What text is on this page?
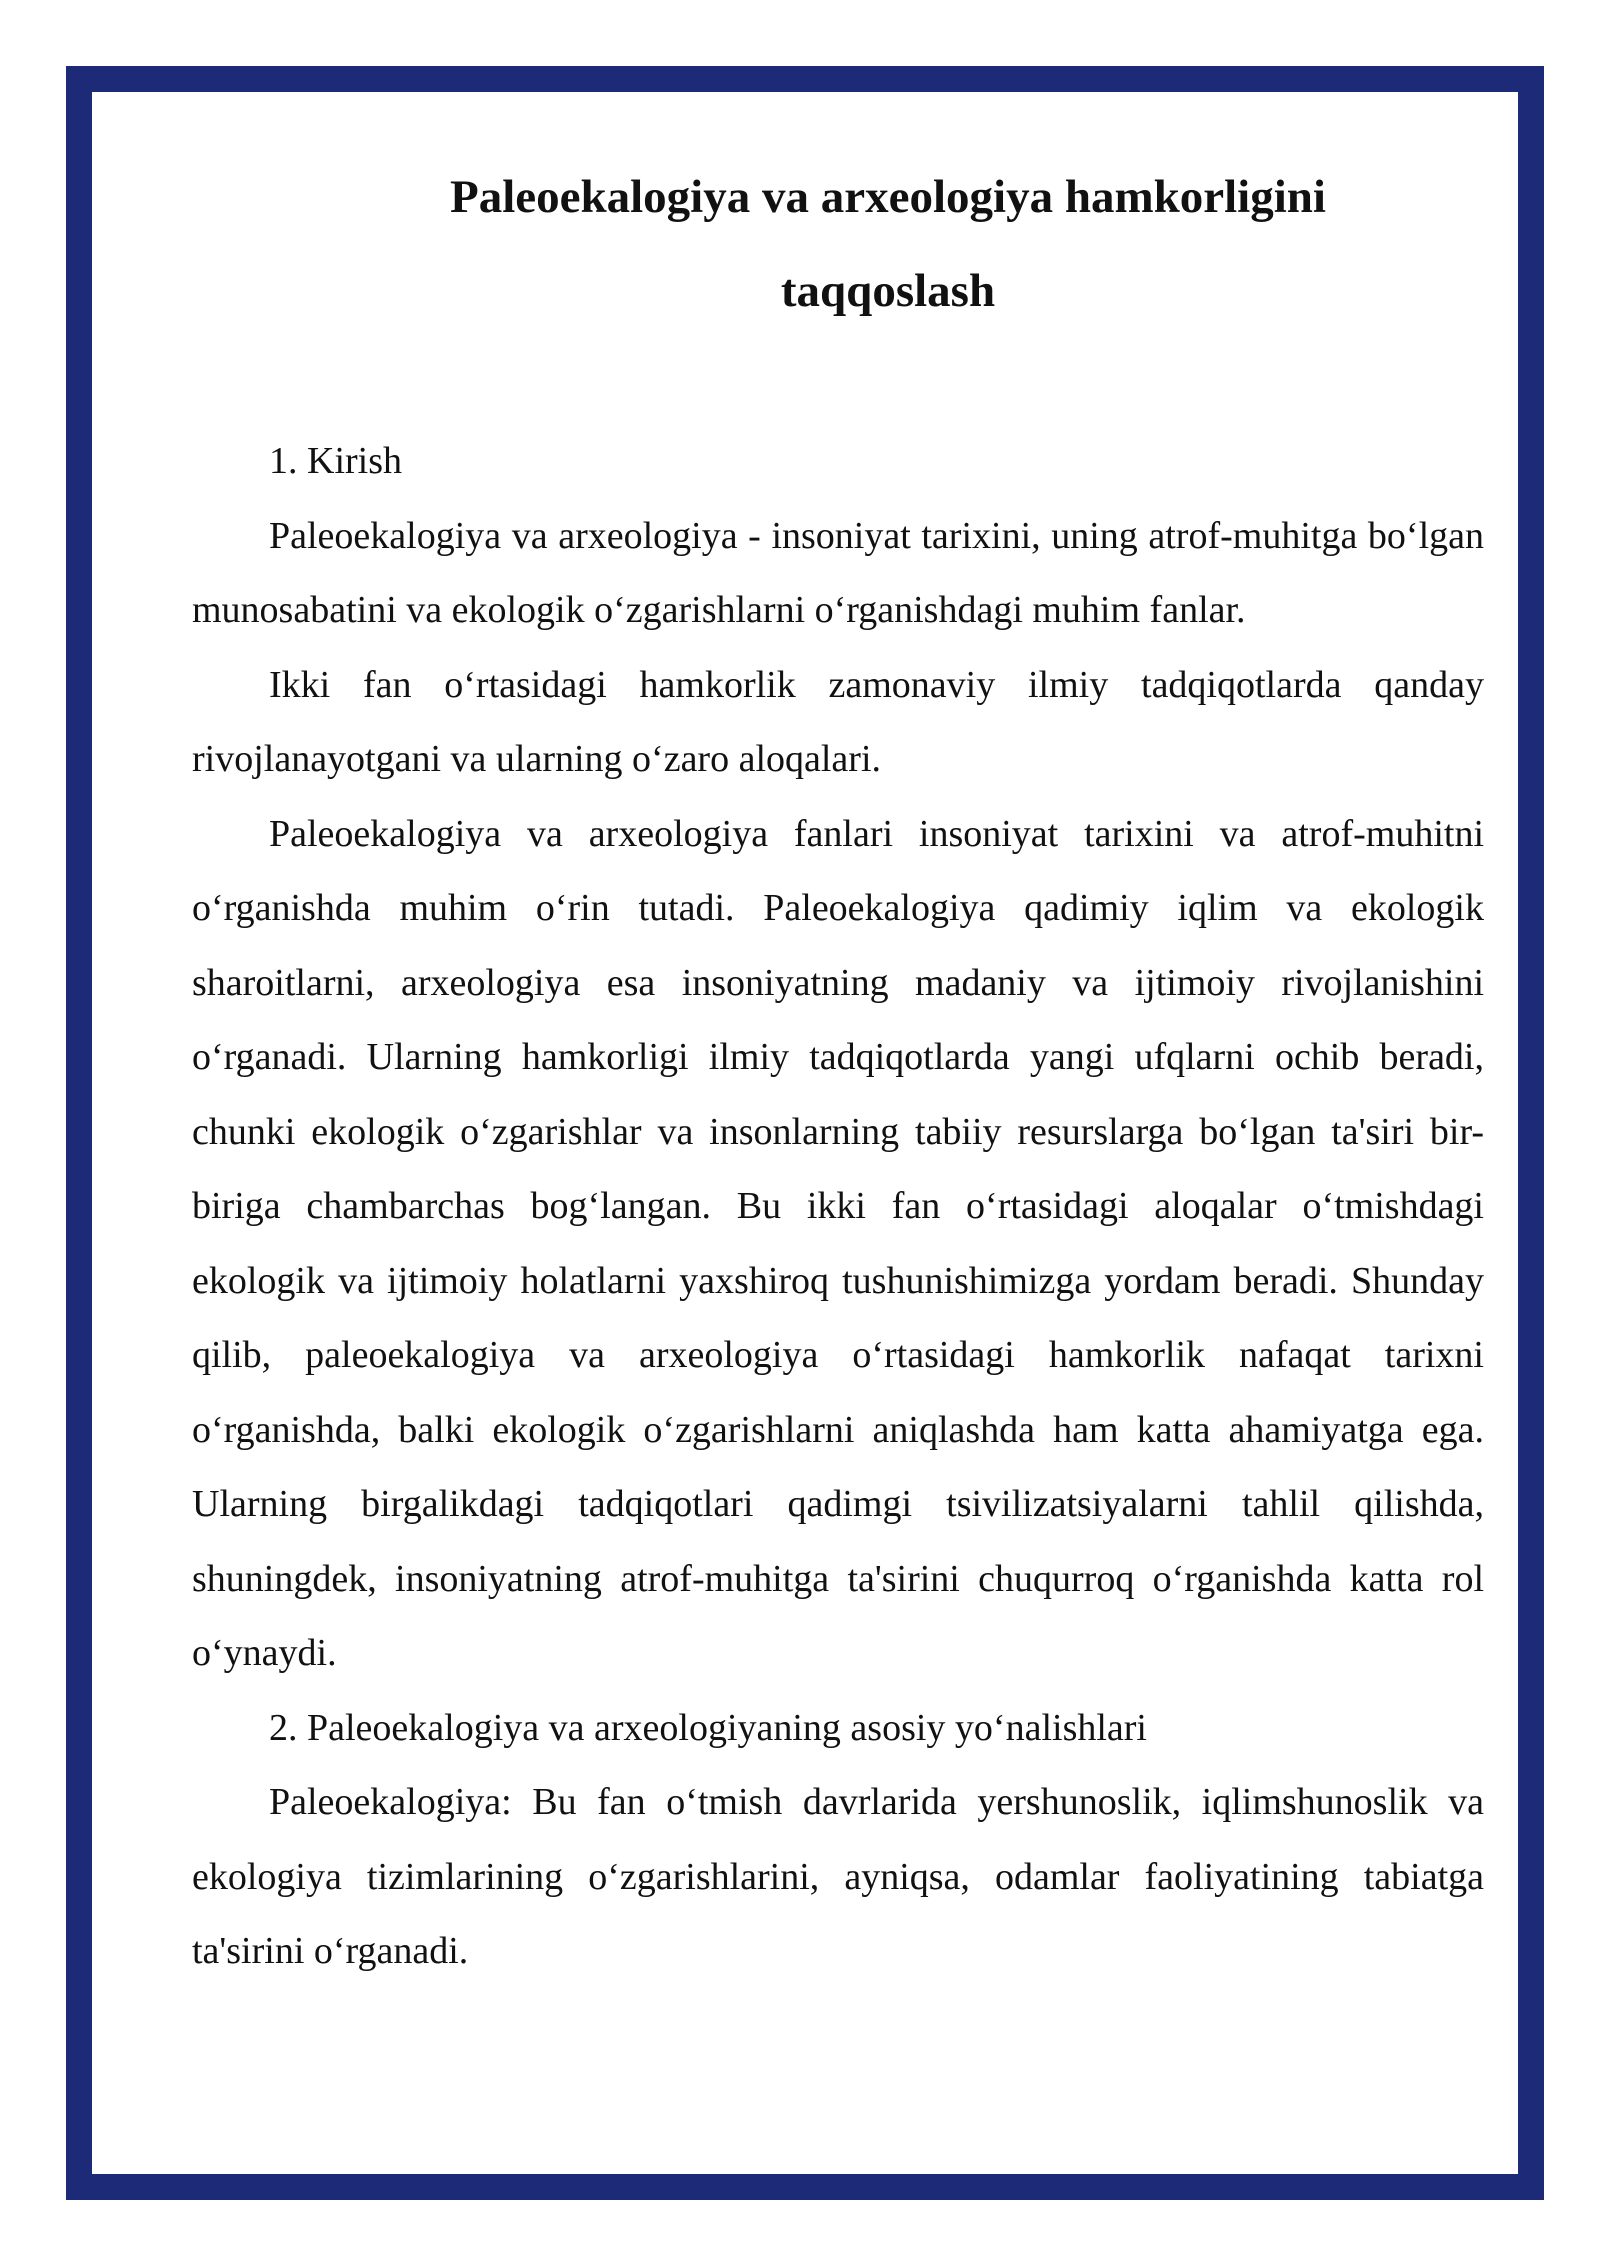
Paleoekalogiya va arxeologiya hamkorligini
taqqoslash

1. Kirish

Paleoekalogiya va arxeologiya - insoniyat tarixini, uning atrof-muhitga bo‘lgan munosabatini va ekologik o‘zgarishlarni o‘rganishdagi muhim fanlar.

Ikki fan o‘rtasidagi hamkorlik zamonaviy ilmiy tadqiqotlarda qanday rivojlanayotgani va ularning o‘zaro aloqalari.

Paleoekalogiya va arxeologiya fanlari insoniyat tarixini va atrof-muhitni o‘rganishda muhim o‘rin tutadi. Paleoekalogiya qadimiy iqlim va ekologik sharoitlarni, arxeologiya esa insoniyatning madaniy va ijtimoiy rivojlanishini o‘rganadi. Ularning hamkorligi ilmiy tadqiqotlarda yangi ufqlarni ochib beradi, chunki ekologik o‘zgarishlar va insonlarning tabiiy resurslarga bo‘lgan ta'siri bir-biriga chambarchas bog‘langan. Bu ikki fan o‘rtasidagi aloqalar o‘tmishdagi ekologik va ijtimoiy holatlarni yaxshiroq tushunishimizga yordam beradi. Shunday qilib, paleoekalogiya va arxeologiya o‘rtasidagi hamkorlik nafaqat tarixni o‘rganishda, balki ekologik o‘zgarishlarni aniqlashda ham katta ahamiyatga ega. Ularning birgalikdagi tadqiqotlari qadimgi tsivilizatsiyalarni tahlil qilishda, shuningdek, insoniyatning atrof-muhitga ta'sirini chuqurroq o‘rganishda katta rol o‘ynaydi.

2. Paleoekalogiya va arxeologiyaning asosiy yo‘nalishlari

Paleoekalogiya: Bu fan o‘tmish davrlarida yershunoslik, iqlimshunoslik va ekologiya tizimlarining o‘zgarishlarini, ayniqsa, odamlar faoliyatining tabiatga ta'sirini o‘rganadi.
